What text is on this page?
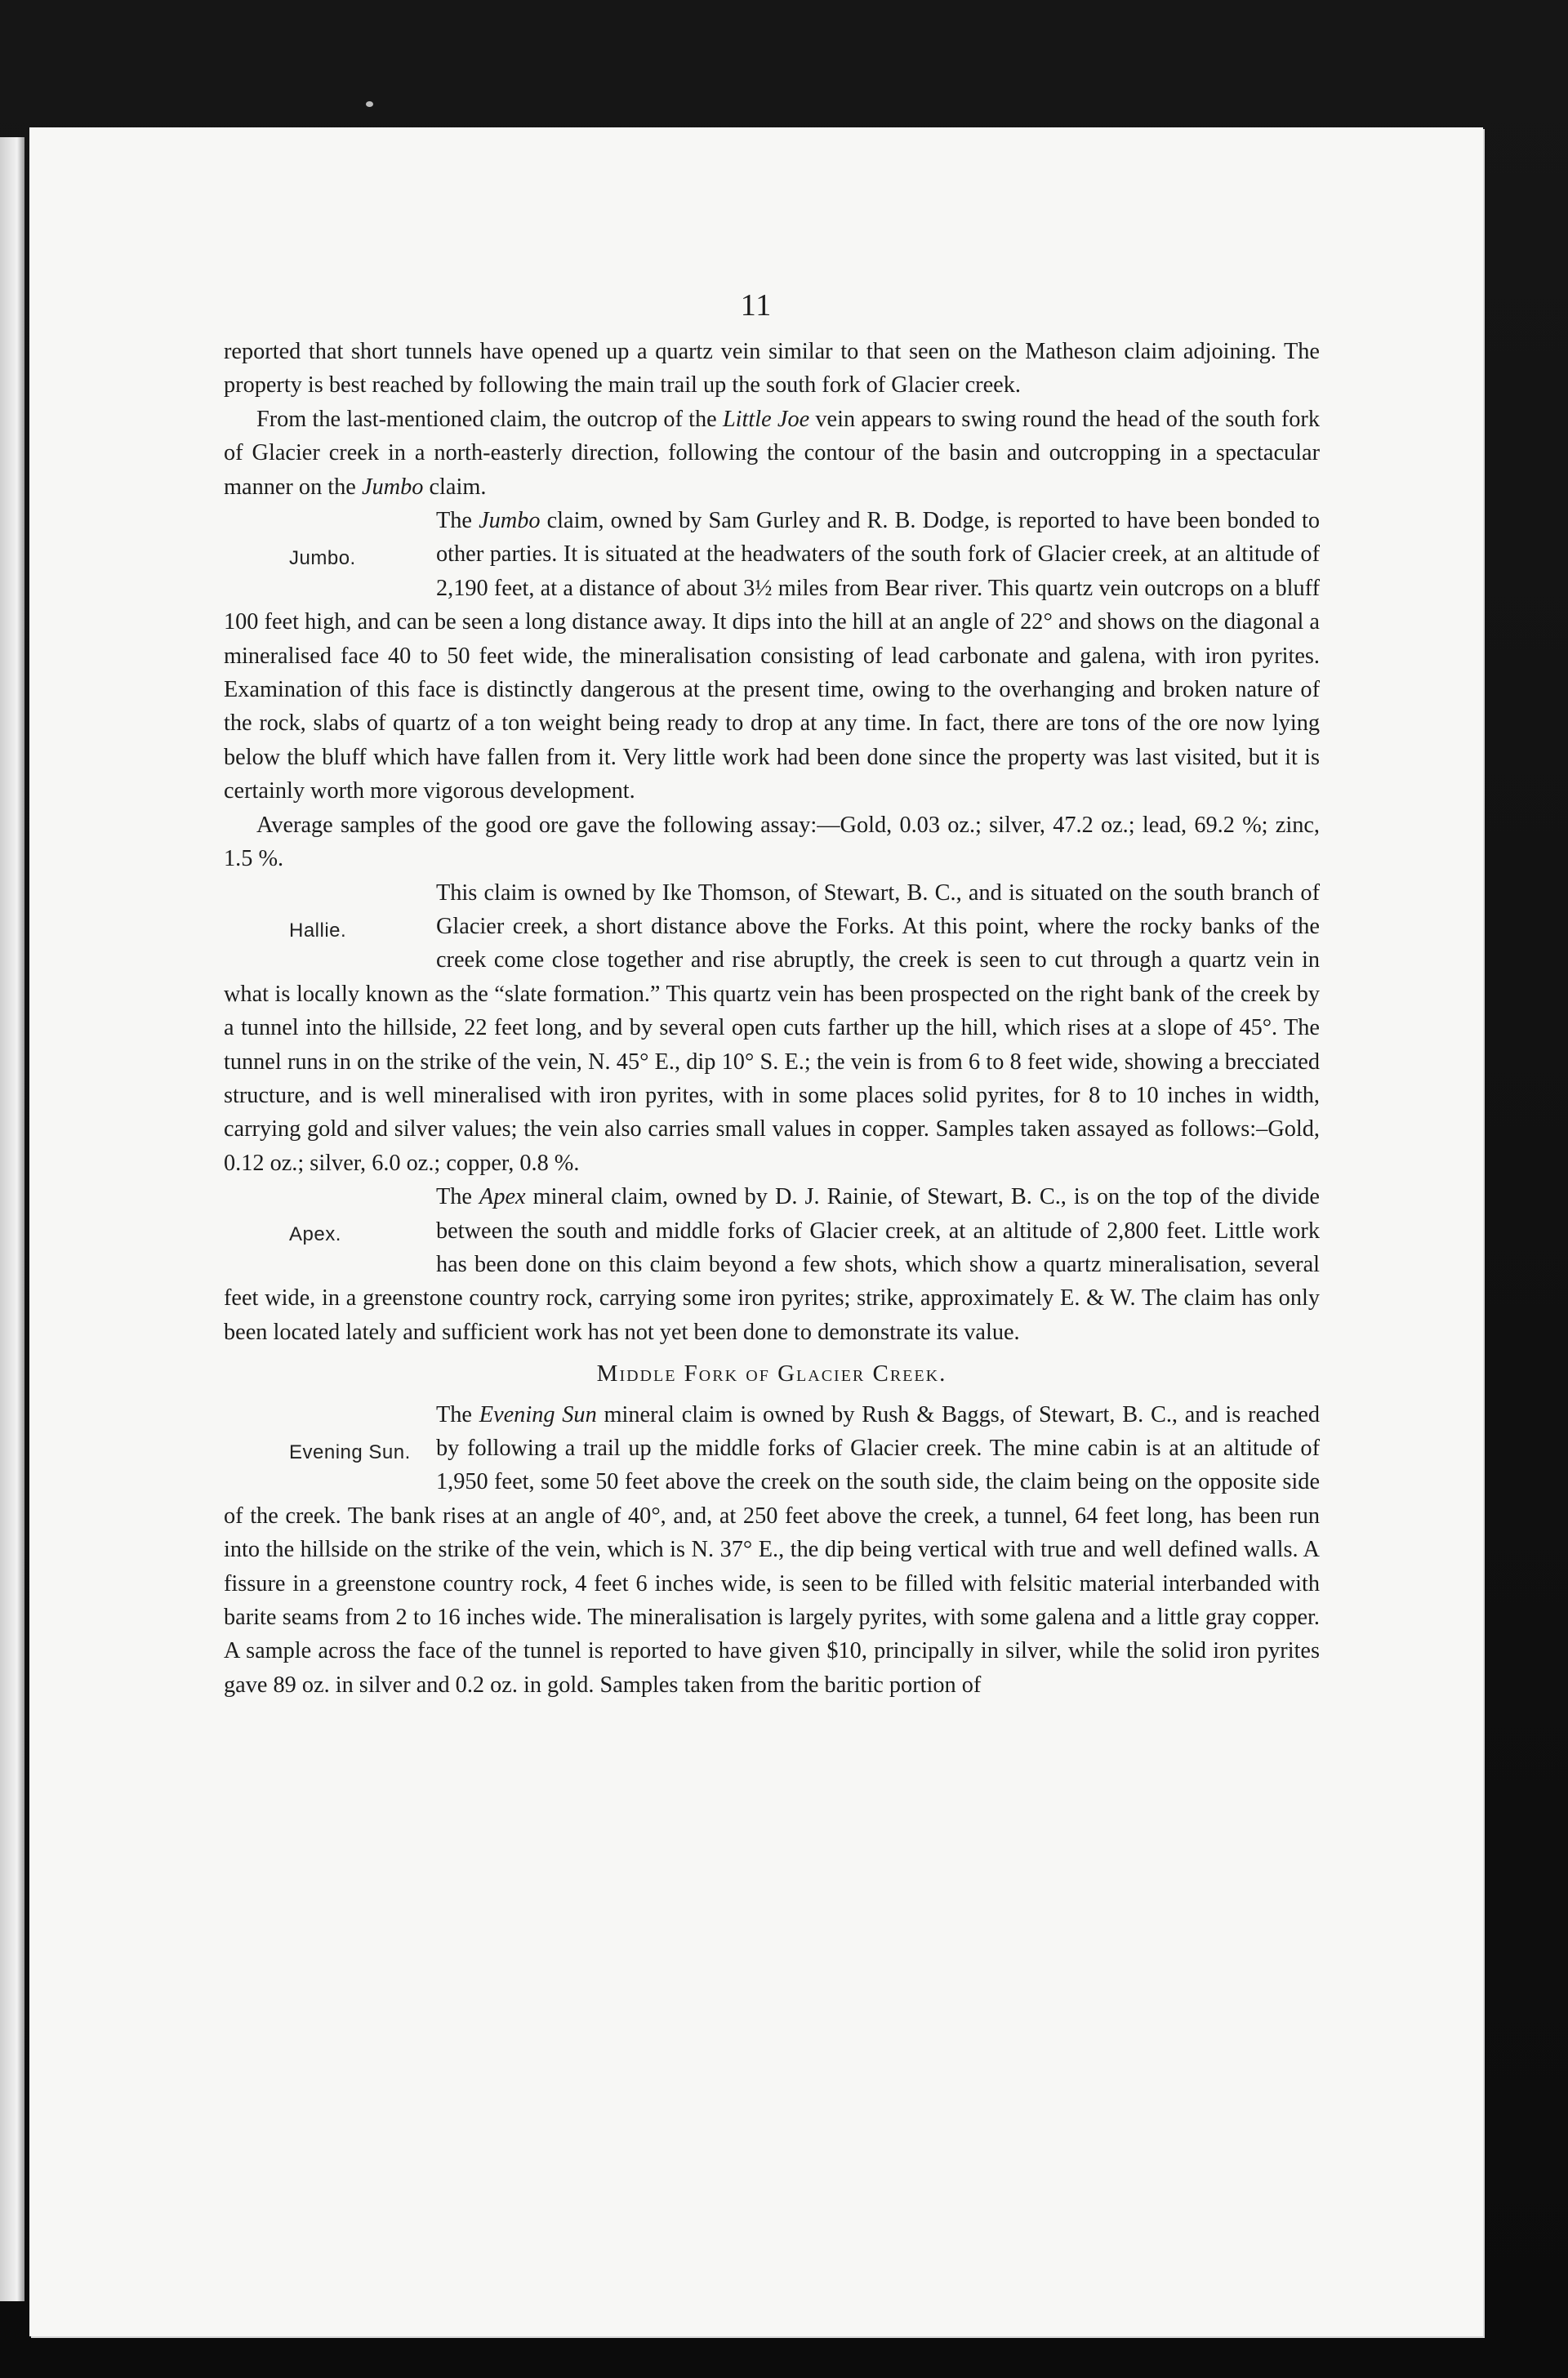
11

reported that short tunnels have opened up a quartz vein similar to that seen on the Matheson claim adjoining. The property is best reached by following the main trail up the south fork of Glacier creek.

From the last-mentioned claim, the outcrop of the Little Joe vein appears to swing round the head of the south fork of Glacier creek in a north-easterly direction, following the contour of the basin and outcropping in a spectacular manner on the Jumbo claim.

Jumbo.

The Jumbo claim, owned by Sam Gurley and R. B. Dodge, is reported to have been bonded to other parties. It is situated at the headwaters of the south fork of Glacier creek, at an altitude of 2,190 feet, at a distance of about 3½ miles from Bear river. This quartz vein outcrops on a bluff 100 feet high, and can be seen a long distance away. It dips into the hill at an angle of 22° and shows on the diagonal a mineralised face 40 to 50 feet wide, the mineralisation consisting of lead carbonate and galena, with iron pyrites. Examination of this face is distinctly dangerous at the present time, owing to the overhanging and broken nature of the rock, slabs of quartz of a ton weight being ready to drop at any time. In fact, there are tons of the ore now lying below the bluff which have fallen from it. Very little work had been done since the property was last visited, but it is certainly worth more vigorous development.

Average samples of the good ore gave the following assay:—Gold, 0.03 oz.; silver, 47.2 oz.; lead, 69.2 %; zinc, 1.5 %.

Hallie.

This claim is owned by Ike Thomson, of Stewart, B. C., and is situated on the south branch of Glacier creek, a short distance above the Forks. At this point, where the rocky banks of the creek come close together and rise abruptly, the creek is seen to cut through a quartz vein in what is locally known as the “slate formation.” This quartz vein has been prospected on the right bank of the creek by a tunnel into the hillside, 22 feet long, and by several open cuts farther up the hill, which rises at a slope of 45°. The tunnel runs in on the strike of the vein, N. 45° E., dip 10° S. E.; the vein is from 6 to 8 feet wide, showing a brecciated structure, and is well mineralised with iron pyrites, with in some places solid pyrites, for 8 to 10 inches in width, carrying gold and silver values; the vein also carries small values in copper. Samples taken assayed as follows:–Gold, 0.12 oz.; silver, 6.0 oz.; copper, 0.8 %.

Apex.

The Apex mineral claim, owned by D. J. Rainie, of Stewart, B. C., is on the top of the divide between the south and middle forks of Glacier creek, at an altitude of 2,800 feet. Little work has been done on this claim beyond a few shots, which show a quartz mineralisation, several feet wide, in a greenstone country rock, carrying some iron pyrites; strike, approximately E. & W. The claim has only been located lately and sufficient work has not yet been done to demonstrate its value.

Middle Fork of Glacier Creek.

Evening Sun.

The Evening Sun mineral claim is owned by Rush & Baggs, of Stewart, B. C., and is reached by following a trail up the middle forks of Glacier creek. The mine cabin is at an altitude of 1,950 feet, some 50 feet above the creek on the south side, the claim being on the opposite side of the creek. The bank rises at an angle of 40°, and, at 250 feet above the creek, a tunnel, 64 feet long, has been run into the hillside on the strike of the vein, which is N. 37° E., the dip being vertical with true and well defined walls. A fissure in a greenstone country rock, 4 feet 6 inches wide, is seen to be filled with felsitic material interbanded with barite seams from 2 to 16 inches wide. The mineralisation is largely pyrites, with some galena and a little gray copper. A sample across the face of the tunnel is reported to have given $10, principally in silver, while the solid iron pyrites gave 89 oz. in silver and 0.2 oz. in gold. Samples taken from the baritic portion of
